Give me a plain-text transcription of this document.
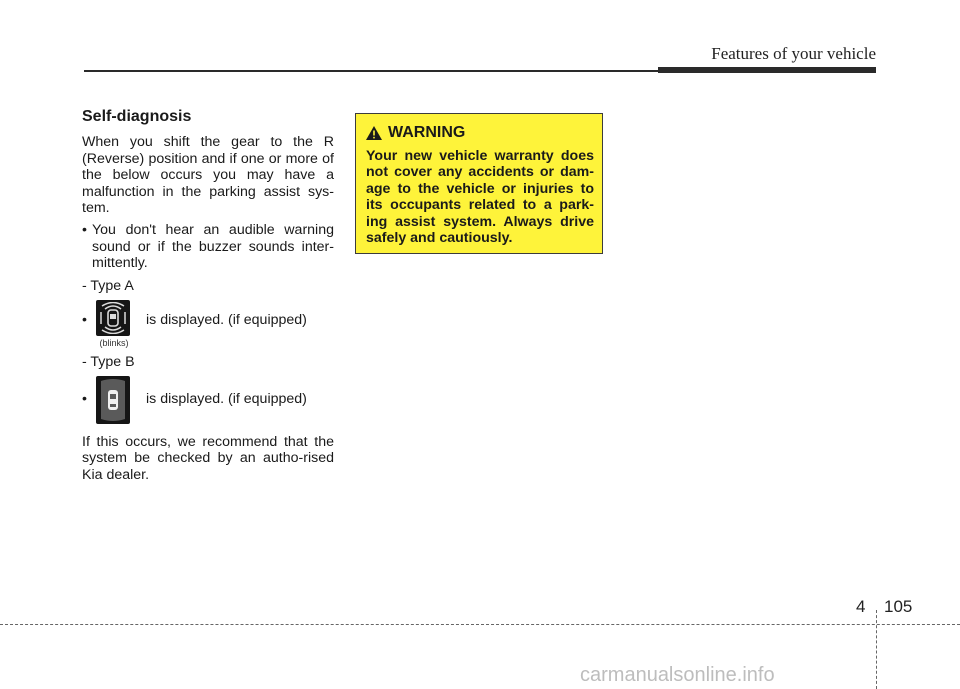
Features of your vehicle
Self-diagnosis
When you shift the gear to the R (Reverse) position and if one or more of the below occurs you may have a malfunction in the parking assist sys-tem.
• You don't hear an audible warning sound or if the buzzer sounds inter-mittently.
- Type A
•
(blinks)
is displayed. (if equipped)
- Type B
•	is displayed. (if equipped)
If this occurs, we recommend that the system be checked by an autho-rised Kia dealer.
WARNING
Your new vehicle warranty does not cover any accidents or dam-age to the vehicle or injuries to its occupants related to a park-ing assist system. Always drive safely and cautiously.
4 105
carmanualsonline.info
